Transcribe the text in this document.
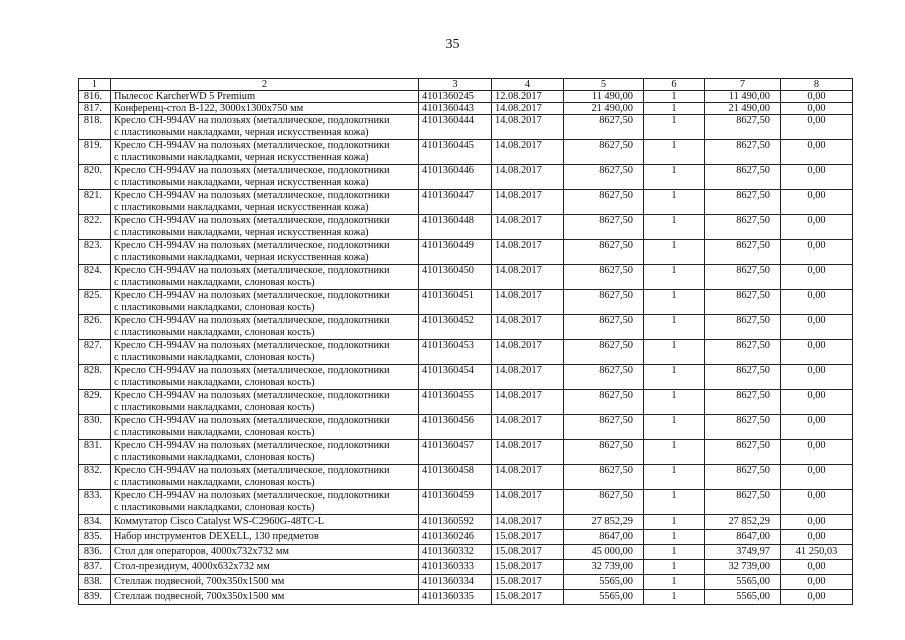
35
1	2	3	4	5	6	7	8
816.	Пылесос KarcherWD 5 Premium	4101360245	12.08.2017	11 490,00	1	11 490,00	0,00
817.	Конференц-стол В-122, 3000х1300х750 мм	4101360443	14.08.2017	21 490,00	1	21 490,00	0,00
818.	Кресло СН-994AV на полозьях (металлическое, подлокотники
с пластиковыми накладками, черная искусственная кожа)	4101360444	14.08.2017	8627,50	1	8627,50	0,00
819.	Кресло СН-994AV на полозьях (металлическое, подлокотники
с пластиковыми накладками, черная искусственная кожа)	4101360445	14.08.2017	8627,50	1	8627,50	0,00
820.	Кресло СН-994AV на полозьях (металлическое, подлокотники
с пластиковыми накладками, черная искусственная кожа)	4101360446	14.08.2017	8627,50	1	8627,50	0,00
821.	Кресло СН-994AV на полозьях (металлическое, подлокотники
с пластиковыми накладками, черная искусственная кожа)	4101360447	14.08.2017	8627,50	1	8627,50	0,00
822.	Кресло СН-994AV на полозьях (металлическое, подлокотники
с пластиковыми накладками, черная искусственная кожа)	4101360448	14.08.2017	8627,50	1	8627,50	0,00
823.	Кресло СН-994AV на полозьях (металлическое, подлокотники
с пластиковыми накладками, черная искусственная кожа)	4101360449	14.08.2017	8627,50	1	8627,50	0,00
824.	Кресло СН-994AV на полозьях (металлическое, подлокотники
с пластиковыми накладками, слоновая кость)	4101360450	14.08.2017	8627,50	1	8627,50	0,00
825.	Кресло СН-994AV на полозьях (металлическое, подлокотники
с пластиковыми накладками, слоновая кость)	4101360451	14.08.2017	8627,50	1	8627,50	0,00
826.	Кресло СН-994AV на полозьях (металлическое, подлокотники
с пластиковыми накладками, слоновая кость)	4101360452	14.08.2017	8627,50	1	8627,50	0,00
827.	Кресло СН-994AV на полозьях (металлическое, подлокотники
с пластиковыми накладками, слоновая кость)	4101360453	14.08.2017	8627,50	1	8627,50	0,00
828.	Кресло СН-994AV на полозьях (металлическое, подлокотники
с пластиковыми накладками, слоновая кость)	4101360454	14.08.2017	8627,50	1	8627,50	0,00
829.	Кресло СН-994AV на полозьях (металлическое, подлокотники
с пластиковыми накладками, слоновая кость)	4101360455	14.08.2017	8627,50	1	8627,50	0,00
830.	Кресло СН-994AV на полозьях (металлическое, подлокотники
с пластиковыми накладками, слоновая кость)	4101360456	14.08.2017	8627,50	1	8627,50	0,00
831.	Кресло СН-994AV на полозьях (металлическое, подлокотники
с пластиковыми накладками, слоновая кость)	4101360457	14.08.2017	8627,50	1	8627,50	0,00
832.	Кресло СН-994AV на полозьях (металлическое, подлокотники
с пластиковыми накладками, слоновая кость)	4101360458	14.08.2017	8627,50	1	8627,50	0,00
833.	Кресло СН-994AV на полозьях (металлическое, подлокотники
с пластиковыми накладками, слоновая кость)	4101360459	14.08.2017	8627,50	1	8627,50	0,00
834.	Коммутатор Cisco Catalyst WS-C2960G-48TC-L	4101360592	14.08.2017	27 852,29	1	27 852,29	0,00
835.	Набор инструментов DEXELL, 130 предметов	4101360246	15.08.2017	8647,00	1	8647,00	0,00
836.	Стол для операторов, 4000х732х732 мм	4101360332	15.08.2017	45 000,00	1	3749,97	41 250,03
837.	Стол-президиум, 4000х632х732 мм	4101360333	15.08.2017	32 739,00	1	32 739,00	0,00
838.	Стеллаж подвесной, 700х350х1500 мм	4101360334	15.08.2017	5565,00	1	5565,00	0,00
839.	Стеллаж подвесной, 700х350х1500 мм	4101360335	15.08.2017	5565,00	1	5565,00	0,00
